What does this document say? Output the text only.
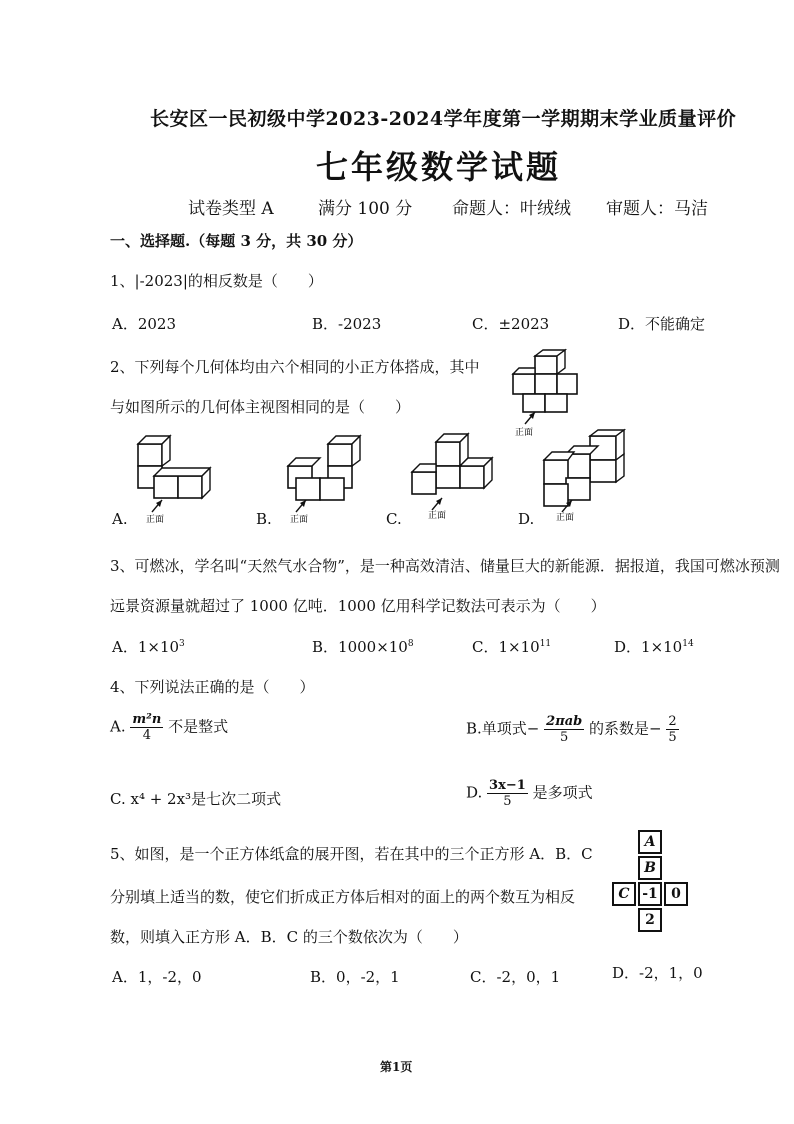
长安区一民初级中学2023-2024学年度第一学期期末学业质量评价
七年级数学试题
试卷类型 A	满分 100 分 命题人：叶绒绒 审题人：马洁
一、选择题.（每题 3 分，共 30 分）
1、|-2023|的相反数是（　　）
A．2023	B．-2023	C．±2023	D．不能确定
2、下列每个几何体均由六个相同的小正方体搭成，其中
与如图所示的几何体主视图相同的是（　　）
正面
正面
A.	正面
B.	正面
C.	正面
D.
3、可燃冰，学名叫“天然气水合物”，是一种高效清洁、储量巨大的新能源．据报道，我国可燃冰预测
远景资源量就超过了 1000 亿吨．1000 亿用科学记数法可表示为（　　）
A．$1\times 10^3$	B．$1000\times 10^8$	C．$1\times 10^{11}$	D．$1\times 10^{14}$
4、下列说法正确的是（　　）
A. $\frac{\text{m²n}}{4}$ 不是整式	B.单项式− $\frac{\text{2πab}}{5}$ 的系数是− $\frac{2}{5}$
C. x⁴ + 2x³是七次二项式	D. $\frac{3x-1}{5}$ 是多项式
5、如图，是一个正方体纸盒的展开图，若在其中的三个正方形 A．B．C
分别填上适当的数，使它们折成正方体后相对的面上的两个数互为相反
数，则填入正方形 A．B．C 的三个数依次为（　　）
A
B
C -1 0
2
A．1，-2，0	B．0，-2，1	C．-2，0，1	D．-2，1，0
第1页
